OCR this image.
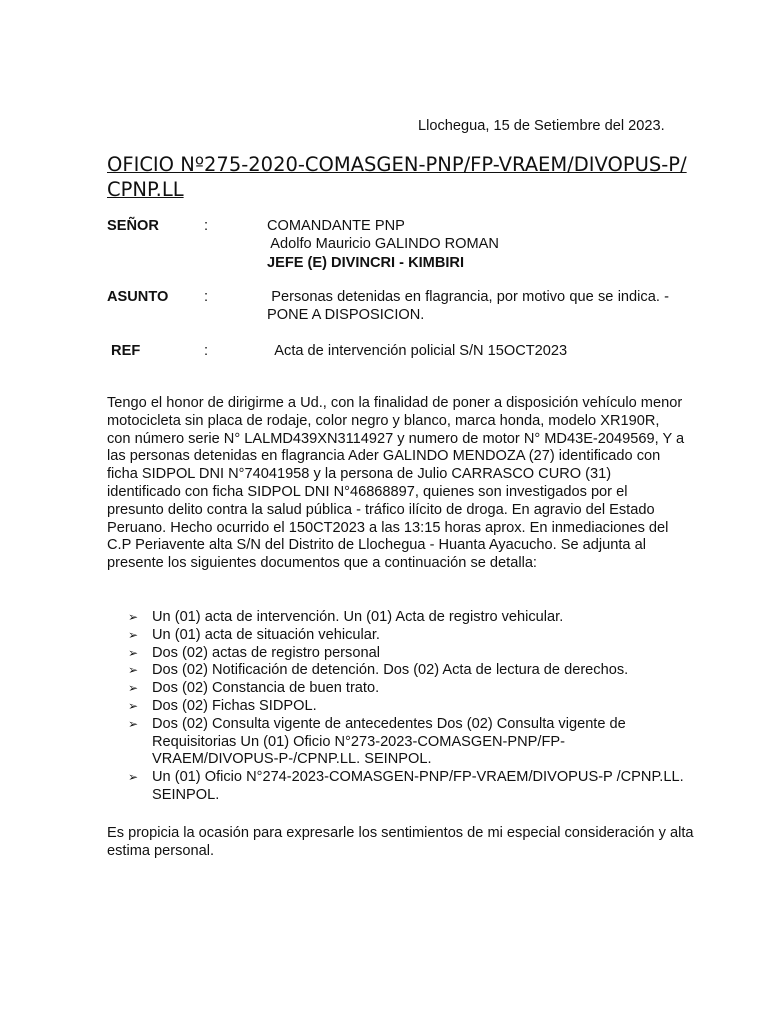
Llochegua, 15 de Setiembre del 2023.
OFICIO Nº275-2020-COMASGEN-PNP/FP-VRAEM/DIVOPUS-P/CPNP.LL
SEÑOR	:	COMANDANTE PNP
Adolfo Mauricio GALINDO ROMAN
JEFE (E) DIVINCRI - KIMBIRI
ASUNTO :	Personas detenidas en flagrancia, por motivo que se indica. - PONE A DISPOSICION.
REF	:	Acta de intervención policial S/N 15OCT2023
Tengo el honor de dirigirme a Ud., con la finalidad de poner a disposición vehículo menor motocicleta sin placa de rodaje, color negro y blanco, marca honda, modelo XR190R, con número serie N° LALMD439XN3114927 y numero de motor N° MD43E-2049569, Y a las personas detenidas en flagrancia Ader GALINDO MENDOZA (27) identificado con ficha SIDPOL DNI N°74041958 y la persona de Julio CARRASCO CURO (31) identificado con ficha SIDPOL DNI N°46868897, quienes son investigados por el presunto delito contra la salud pública - tráfico ilícito de droga. En agravio del Estado Peruano. Hecho ocurrido el 150CT2023 a las 13:15 horas aprox. En inmediaciones del C.P Periavente alta S/N del Distrito de Llochegua - Huanta Ayacucho. Se adjunta al presente los siguientes documentos que a continuación se detalla:
➢ Un (01) acta de intervención. Un (01) Acta de registro vehicular.
➢ Un (01) acta de situación vehicular.
➢ Dos (02) actas de registro personal
➢ Dos (02) Notificación de detención. Dos (02) Acta de lectura de derechos.
➢ Dos (02) Constancia de buen trato.
➢ Dos (02) Fichas SIDPOL.
➢ Dos (02) Consulta vigente de antecedentes Dos (02) Consulta vigente de Requisitorias Un (01) Oficio N°273-2023-COMASGEN-PNP/FP-VRAEM/DIVOPUS-P-/CPNP.LL. SEINPOL.
➢ Un (01) Oficio N°274-2023-COMASGEN-PNP/FP-VRAEM/DIVOPUS-P /CPNP.LL. SEINPOL.
Es propicia la ocasión para expresarle los sentimientos de mi especial consideración y alta estima personal.
